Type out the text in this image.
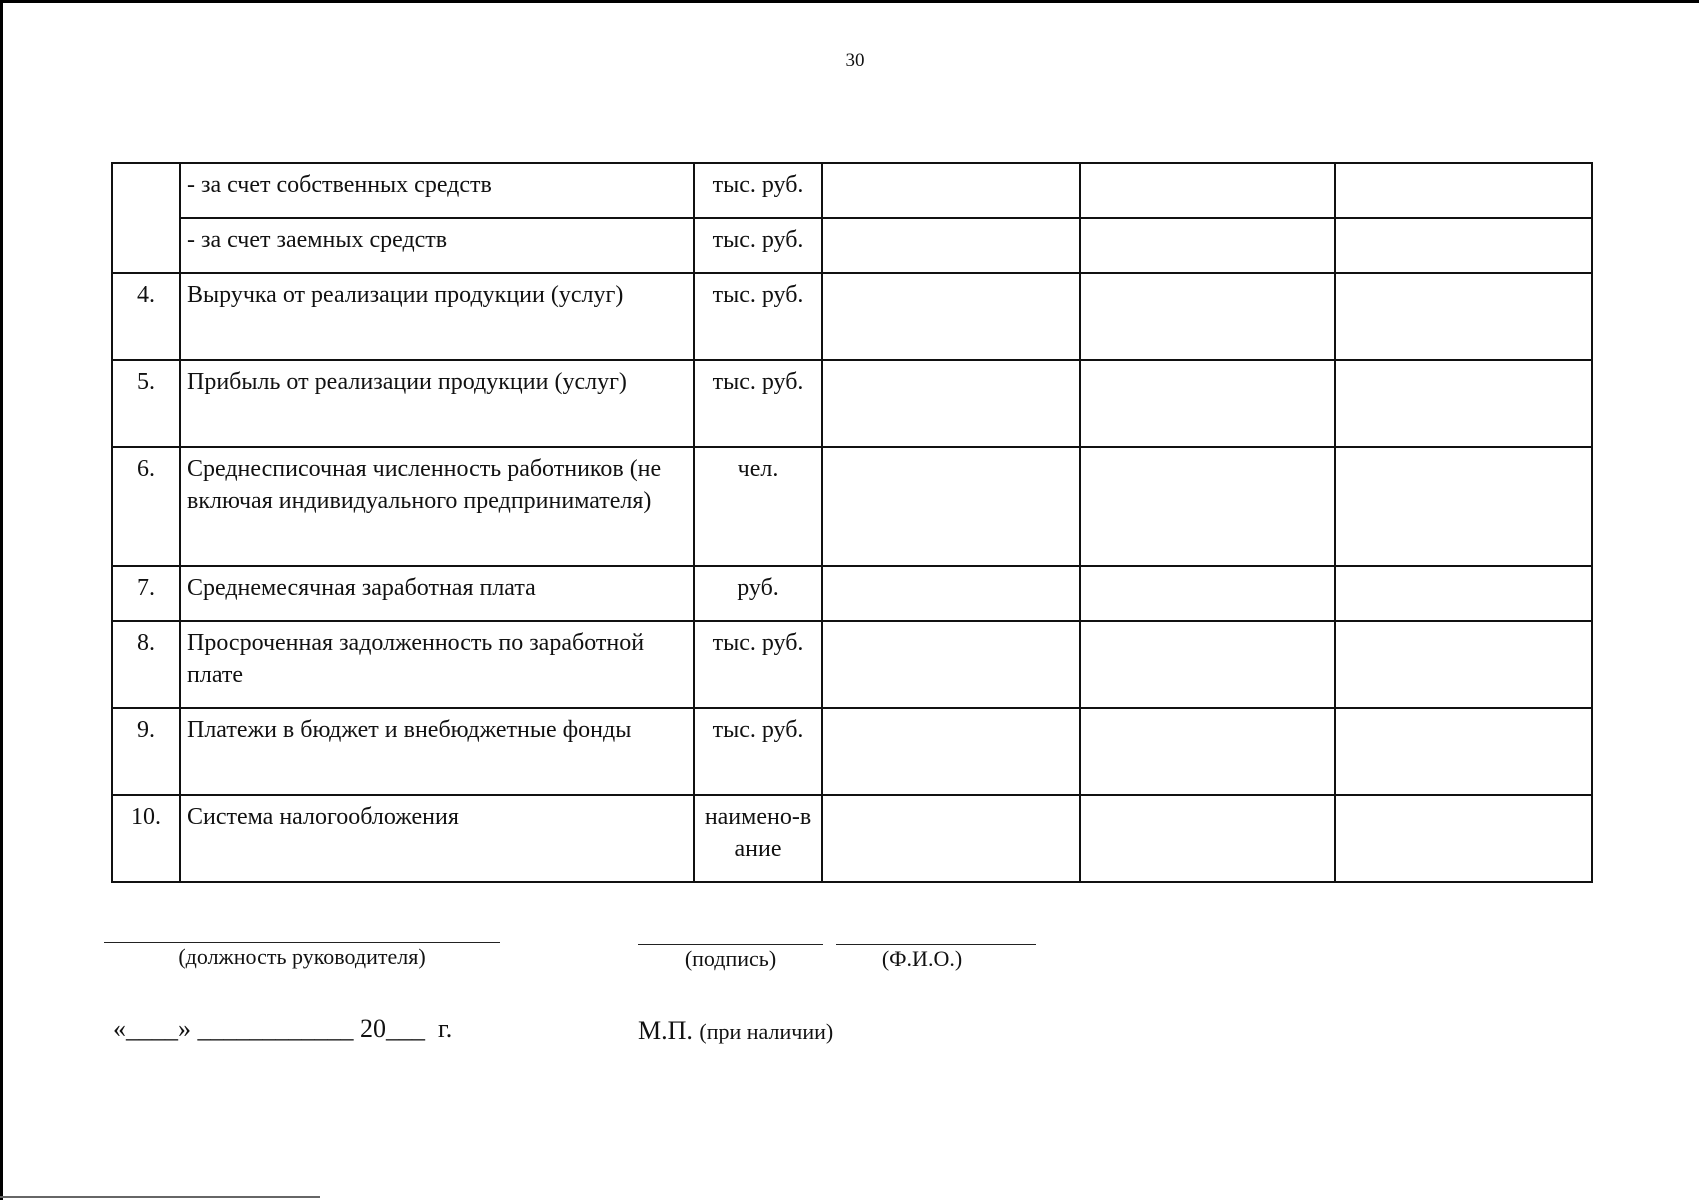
30
	- за счет собственных средств	тыс. руб.			
	- за счет заемных средств	тыс. руб.			
4.	Выручка от реализации продукции (услуг)	тыс. руб.			
5.	Прибыль от реализации продукции (услуг)	тыс. руб.			
6.	Среднесписочная численность работников (не включая индивидуального предпринимателя)	чел.			
7.	Среднемесячная заработная плата	руб.			
8.	Просроченная задолженность по заработной плате	тыс. руб.			
9.	Платежи в бюджет и внебюджетные фонды	тыс. руб.			
10.	Система налогообложения	наимено-вание			
(должность руководителя)	(подпись)	(Ф.И.О.)
«____» ____________ 20___  г.	М.П. (при наличии)
